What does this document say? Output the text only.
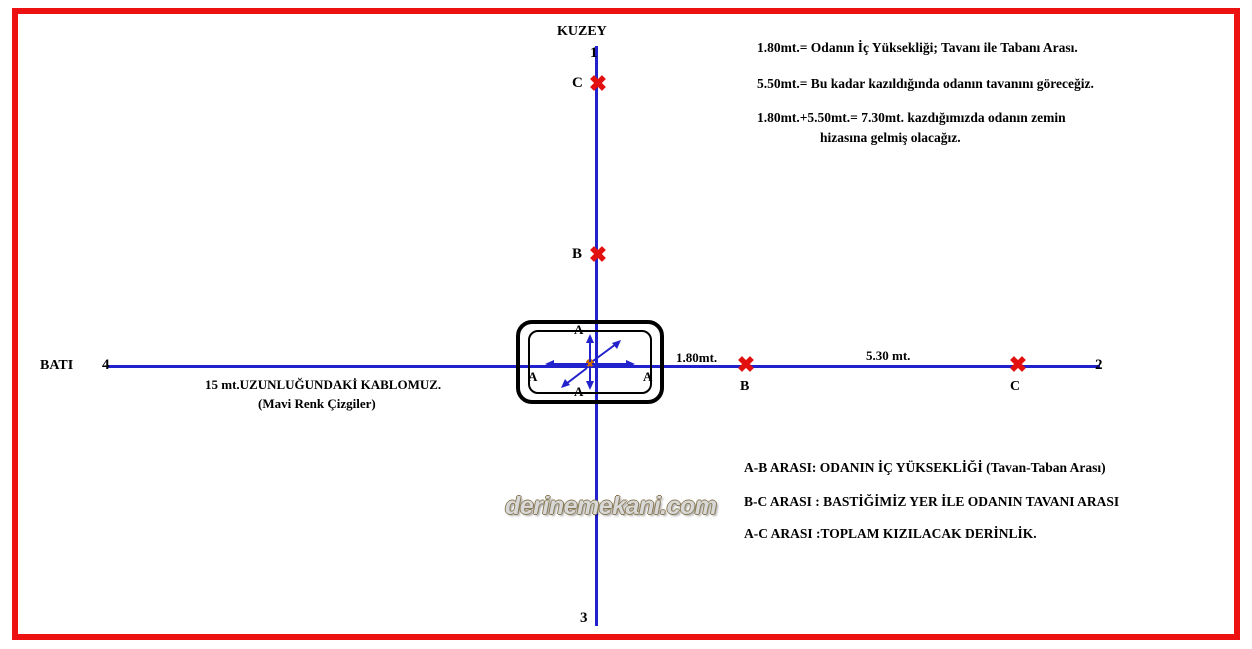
KUZEY
1
3
BATI 4	2
C ✖
B ✖
✖
B
✖
C
A
A	A
A
1.80mt.	5.30 mt.
15 mt.UZUNLUĞUNDAKİ KABLOMUZ.
(Mavi Renk Çizgiler)
1.80mt.= Odanın İç Yüksekliği; Tavanı ile Tabanı Arası.
5.50mt.= Bu kadar kazıldığında odanın tavanını göreceğiz.
1.80mt.+5.50mt.= 7.30mt. kazdığımızda odanın zemin
hizasına gelmiş olacağız.
A-B ARASI: ODANIN İÇ YÜKSEKLİĞİ (Tavan-Taban Arası)
B-C ARASI : BASTİĞİMİZ YER İLE ODANIN TAVANI ARASI
A-C ARASI :TOPLAM KIZILACAK DERİNLİK.
derinemekani.com
